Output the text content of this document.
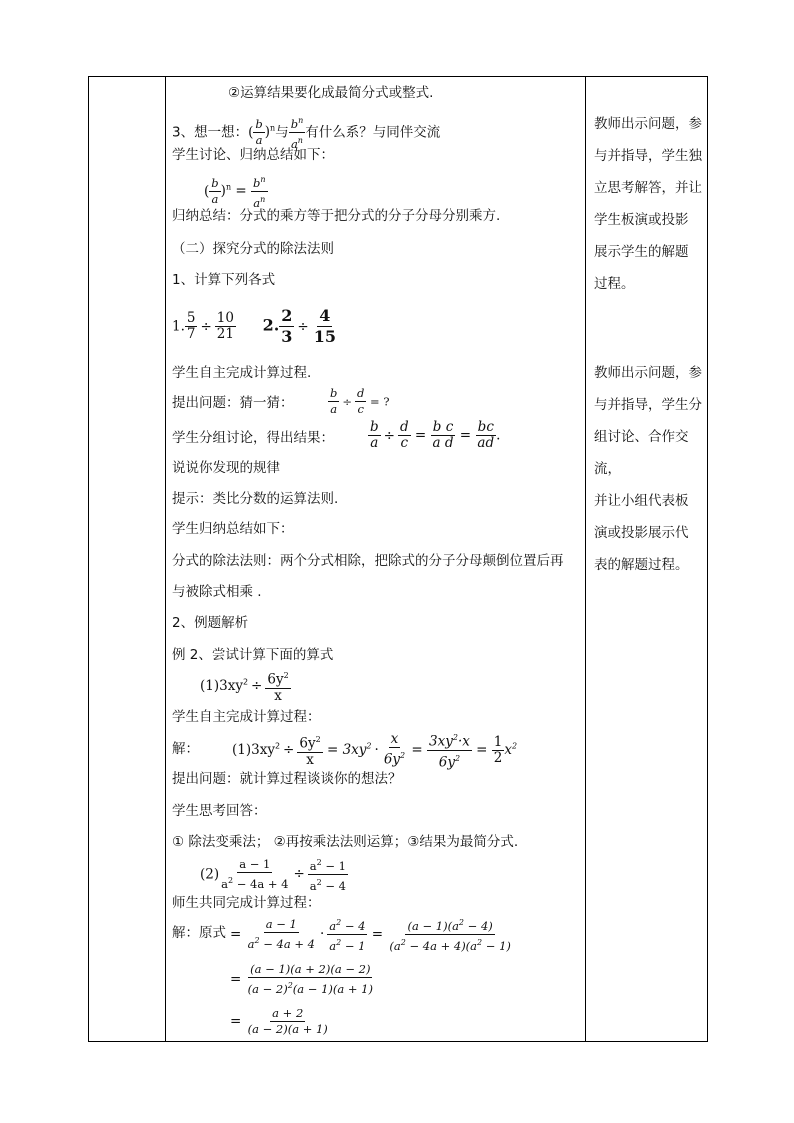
②运算结果要化成最简分式或整式.
3、想一想：( $\frac{b}{a} )^n$与 $\frac{b^n}{a^n}$ 有什么系？与同伴交流
学生讨论、归纳总结如下：
( $\frac{b}{a} )^n = \frac{b^n}{a^n}$
归纳总结：分式的乘方等于把分式的分子分母分别乘方.
（二）探究分式的除法法则
1、计算下列各式
1. $\frac{5}{7} \div \frac{10}{21} 2$. $\frac{2}{3} \div \frac{4}{15}$
学生自主完成计算过程.
提出问题：猜一猜：	$\frac{b}{a} \div \frac{d}{c}$ = ?
学生分组讨论，得出结果：	$\frac{b}{a} \div \frac{d}{c} = \frac{\text{b c}}{\text{a d}} = \frac{bc}{ad}$ .
说说你发现的规律
提示：类比分数的运算法则.
学生归纳总结如下：
分式的除法法则：两个分式相除，把除式的分子分母颠倒位置后再
与被除式相乘 .
2、例题解析
例 2、尝试计算下面的算式
$(1)3xy^2 \div \frac{6y^2}{x}$
学生自主完成计算过程：
解： $(1)3xy^2 \div \frac{6y^2}{x} = 3xy^2 \cdot \frac{x}{6y^2} = \frac{3xy^2\cdot x}{6y^2} = \frac{1}{2} x^2$
提出问题：就计算过程谈谈你的想法？
学生思考回答：
① 除法变乘法； ②再按乘法法则运算；③结果为最简分式.
$(2) \frac{a - 1}{a^2 - 4a + 4} \div \frac{a^2 - 1}{a^2 - 4}$
师生共同完成计算过程：
解：原式 = $\frac{a - 1}{a^2 - 4a + 4} \cdot \frac{a^2 - 4}{a^2 - 1} = \frac{(a - 1)(a^2 - 4)}{(a^2 - 4a + 4)(a^2 - 1)}$
= $\frac{(a - 1)(a + 2)(a - 2)}{(a - 2)^2(a - 1)(a + 1)}$
= $\frac{a + 2}{(a - 2)(a + 1)}$
教师出示问题，参
与并指导，学生独
立思考解答，并让
学生板演或投影
展示学生的解题
过程。
教师出示问题，参
与并指导，学生分
组讨论、合作交流，
并让小组代表板
演或投影展示代
表的解题过程。
